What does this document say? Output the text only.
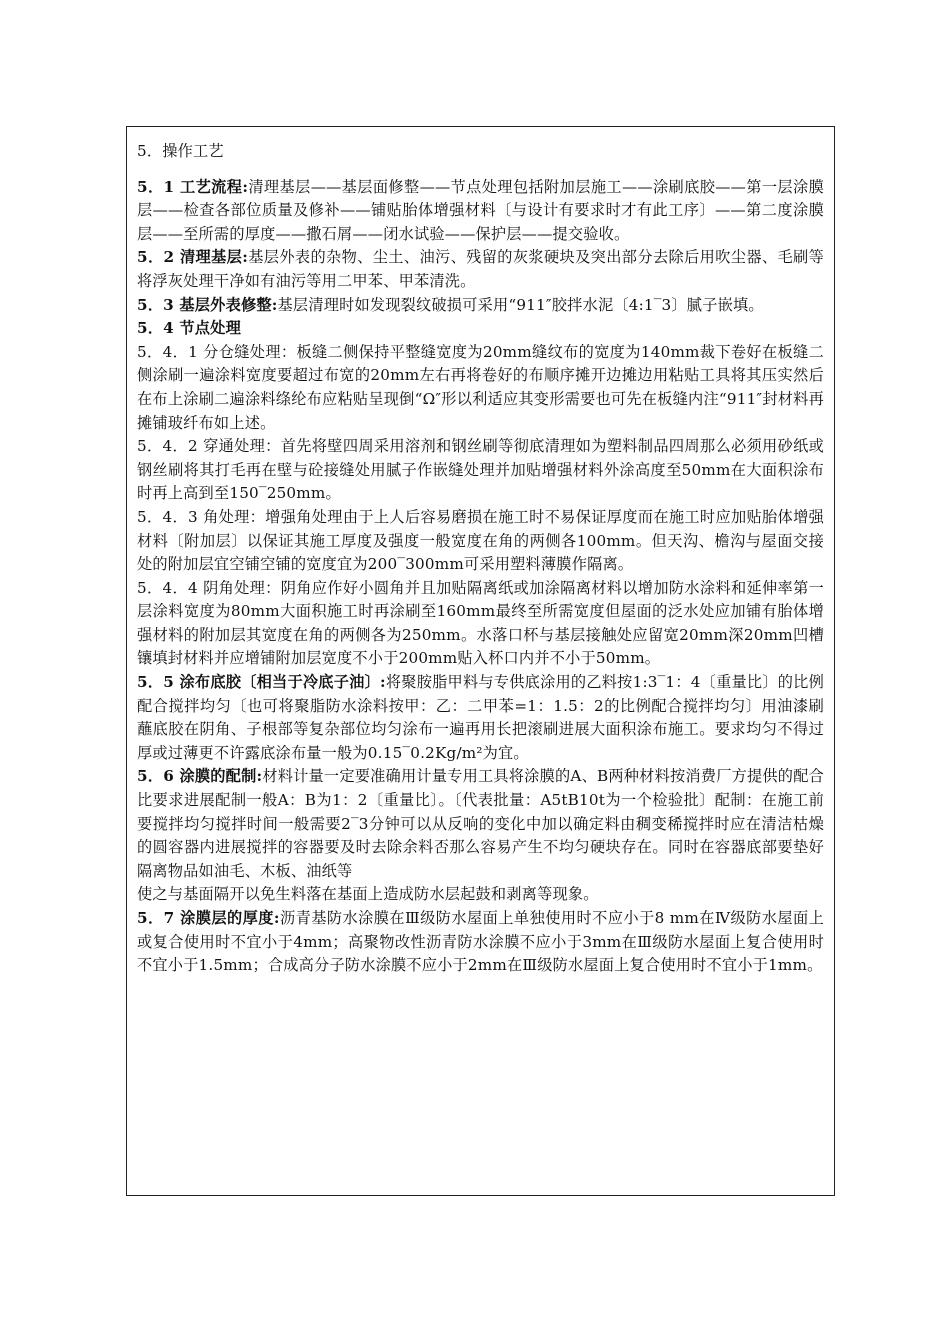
5．操作工艺

5．1 工艺流程:清理基层——基层面修整——节点处理包括附加层施工——涂刷底胶——第一层涂膜层——检查各部位质量及修补——铺贴胎体增强材料〔与设计有要求时才有此工序〕——第二度涂膜层——至所需的厚度——撒石屑——闭水试验——保护层——提交验收。

5．2 清理基层:基层外表的杂物、尘土、油污、残留的灰浆硬块及突出部分去除后用吹尘器、毛刷等将浮灰处理干净如有油污等用二甲苯、甲苯清洗。

5．3 基层外表修整:基层清理时如发现裂纹破损可采用“911″胶拌水泥〔4:1‾3〕腻子嵌填。

5．4 节点处理

5．4．1 分仓缝处理：板缝二侧保持平整缝宽度为20mm缝纹布的宽度为140mm裁下卷好在板缝二侧涂刷一遍涂料宽度要超过布宽的20mm左右再将卷好的布顺序摊开边摊边用粘贴工具将其压实然后在布上涂刷二遍涂料绦纶布应粘贴呈现倒“Ω″形以利适应其变形需要也可先在板缝内注“911″封材料再摊铺玻纤布如上述。

5．4．2 穿通处理：首先将壁四周采用溶剂和钢丝刷等彻底清理如为塑料制品四周那么必须用砂纸或钢丝刷将其打毛再在壁与砼接缝处用腻子作嵌缝处理并加贴增强材料外涂高度至50mm在大面积涂布时再上高到至150‾250mm。

5．4．3 角处理：增强角处理由于上人后容易磨损在施工时不易保证厚度而在施工时应加贴胎体增强材料〔附加层〕以保证其施工厚度及强度一般宽度在角的两侧各100mm。但天沟、檐沟与屋面交接处的附加层宜空铺空铺的宽度宜为200‾300mm可采用塑料薄膜作隔离。

5．4．4 阴角处理：阴角应作好小圆角并且加贴隔离纸或加涂隔离材料以增加防水涂料和延伸率第一层涂料宽度为80mm大面积施工时再涂刷至160mm最终至所需宽度但屋面的泛水处应加铺有胎体增强材料的附加层其宽度在角的两侧各为250mm。水落口杯与基层接触处应留宽20mm深20mm凹槽镶填封材料并应增铺附加层宽度不小于200mm贴入杯口内并不小于50mm。

5．5 涂布底胶〔相当于冷底子油〕:将聚胺脂甲料与专供底涂用的乙料按1:3‾1：4〔重量比〕的比例配合搅拌均匀〔也可将聚脂防水涂料按甲：乙：二甲苯=1：1.5：2的比例配合搅拌均匀〕用油漆刷蘸底胶在阴角、子根部等复杂部位均匀涂布一遍再用长把滚刷进展大面积涂布施工。要求均匀不得过厚或过薄更不许露底涂布量一般为0.15‾0.2Kg/m²为宜。

5．6 涂膜的配制:材料计量一定要准确用计量专用工具将涂膜的A、B两种材料按消费厂方提供的配合比要求进展配制一般A：B为1：2〔重量比〕。〔代表批量：A5tB10t为一个检验批〕配制：在施工前要搅拌均匀搅拌时间一般需要2‾3分钟可以从反响的变化中加以确定料由稠变稀搅拌时应在清洁枯燥的圆容器内进展搅拌的容器要及时去除余料否那么容易产生不均匀硬块存在。同时在容器底部要垫好隔离物品如油毛、木板、油纸等

使之与基面隔开以免生料落在基面上造成防水层起鼓和剥离等现象。

5．7 涂膜层的厚度:沥青基防水涂膜在Ⅲ级防水屋面上单独使用时不应小于8 mm在Ⅳ级防水屋面上或复合使用时不宜小于4mm；高聚物改性沥青防水涂膜不应小于3mm在Ⅲ级防水屋面上复合使用时不宜小于1.5mm；合成高分子防水涂膜不应小于2mm在Ⅲ级防水屋面上复合使用时不宜小于1mm。
